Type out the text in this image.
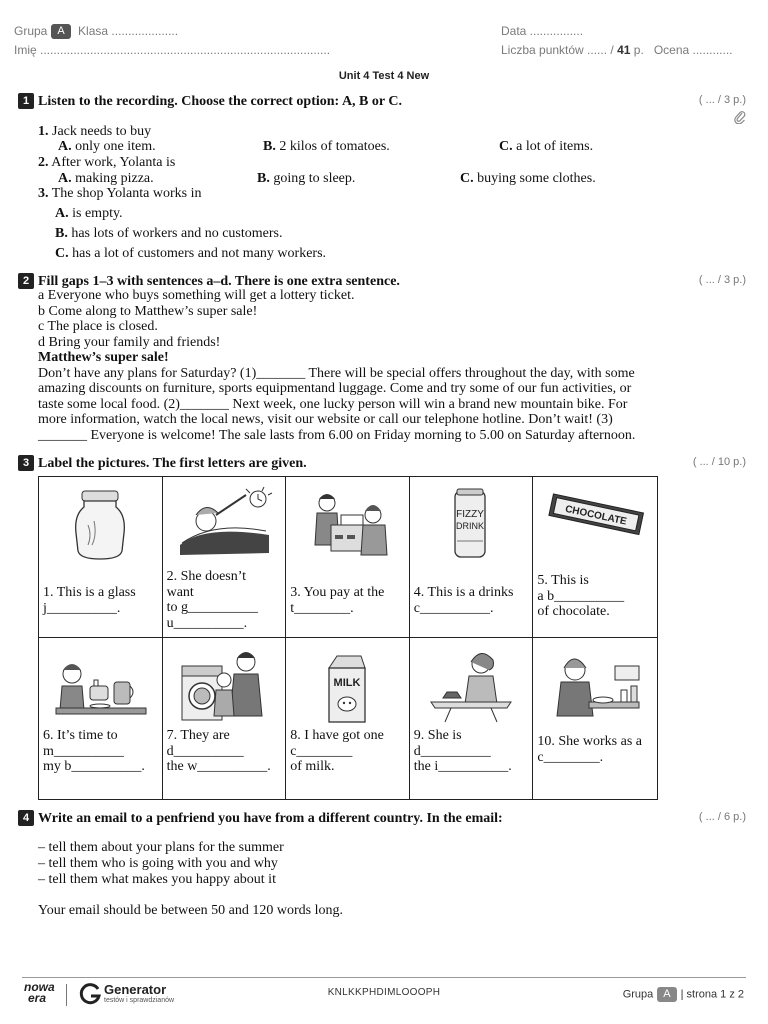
Grupa A Klasa ....................
Imię .......................................................................................
Data ................
Liczba punktów ...... / 41 p. Ocena ............
Unit 4 Test 4 New
1 Listen to the recording. Choose the correct option: A, B or C.	( ... / 3 p.)
1. Jack needs to buy
A. only one item.	B. 2 kilos of tomatoes.	C. a lot of items.
2. After work, Yolanta is
A. making pizza.	B. going to sleep.	C. buying some clothes.
3. The shop Yolanta works in
A. is empty.
B. has lots of workers and no customers.
C. has a lot of customers and not many workers.
2 Fill gaps 1–3 with sentences a–d. There is one extra sentence.	( ... / 3 p.)
a Everyone who buys something will get a lottery ticket.
b Come along to Matthew’s super sale!
c The place is closed.
d Bring your family and friends!
Matthew’s super sale!
Don’t have any plans for Saturday? (1)_______ There will be special offers throughout the day, with some
amazing discounts on furniture, sports equipmentand luggage. Come and try some of our fun activities, or
taste some local food. (2)_______ Next week, one lucky person will win a brand new mountain bike. For
more information, watch the local news, visit our website or call our telephone hotline. Don’t wait! (3)
_______ Everyone is welcome! The sale lasts from 6.00 on Friday morning to 5.00 on Saturday afternoon.
3 Label the pictures. The first letters are given.	( ... / 10 p.)
1. This is a glass
j__________.
2. She doesn’t
want
to g__________
u__________.
3. You pay at the
t________.
FIZZY
DRINK
4. This is a drinks
c__________.
CHOCOLATE
5. This is
a b__________
of chocolate.
6. It’s time to
m__________
my b__________.
7. They are
d__________
the w__________.
MILK
8. I have got one
c________
of milk.
9. She is
d__________
the i__________.
10. She works as a
c________.
4 Write an email to a penfriend you have from a different country. In the email:	( ... / 6 p.)
– tell them about your plans for the summer
– tell them who is going with you and why
– tell them what makes you happy about it
Your email should be between 50 and 120 words long.
nowa
era
Generator
testów i sprawdzianów
KNLKKPHDIMLOOOPH	Grupa A | strona 1 z 2
